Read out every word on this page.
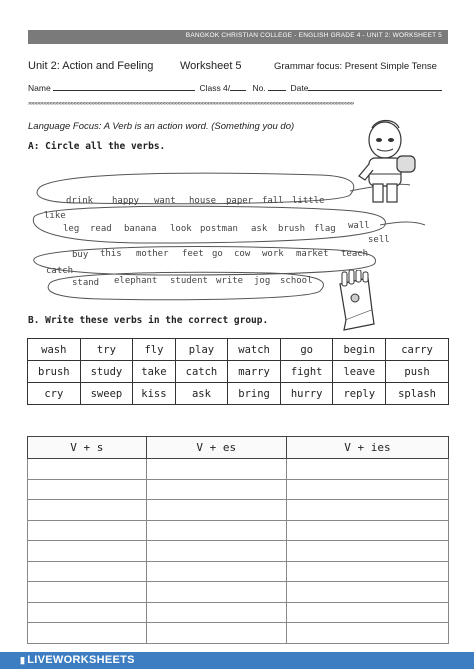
BANGKOK CHRISTIAN COLLEGE - ENGLISH GRADE 4 - UNIT 2: WORKSHEET 5
Unit 2: Action and Feeling Worksheet 5	Grammar focus: Present Simple Tense
Name	Class 4/	No.	Date
»»»»»»»»»»»»»»»»»»»»»»»»»»»»»»»»»»»»»»»»»»»»»»»»»»»»»»»»»»»»»»»»»»»»»»»»»»»»»»»»»»»»»»»»»»»»»»»»»»»»»»»»»»»»
Language Focus: A Verb is an action word. (Something you do)
A: Circle all the verbs.
drink happy want house paper fall little
like
leg read banana look postman ask brush flag wall
sell
buy this mother feet go cow work market teach
catch
stand elephant student write jog school
B. Write these verbs in the correct group.
wash	try	fly	play	watch	go	begin	carry
brush	study	take	catch	marry	fight	leave	push
cry	sweep	kiss	ask	bring	hurry	reply	splash
V + s	V + es	V + ies

▮ LIVEWORKSHEETS
